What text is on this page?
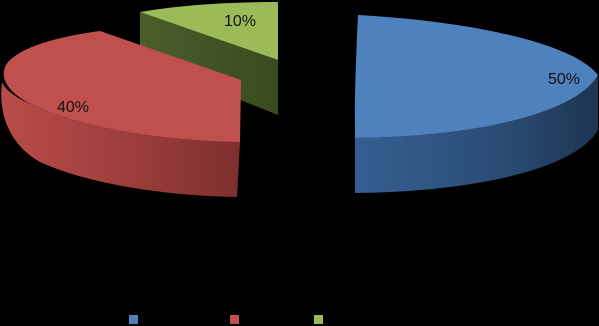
50%
40%
10%
